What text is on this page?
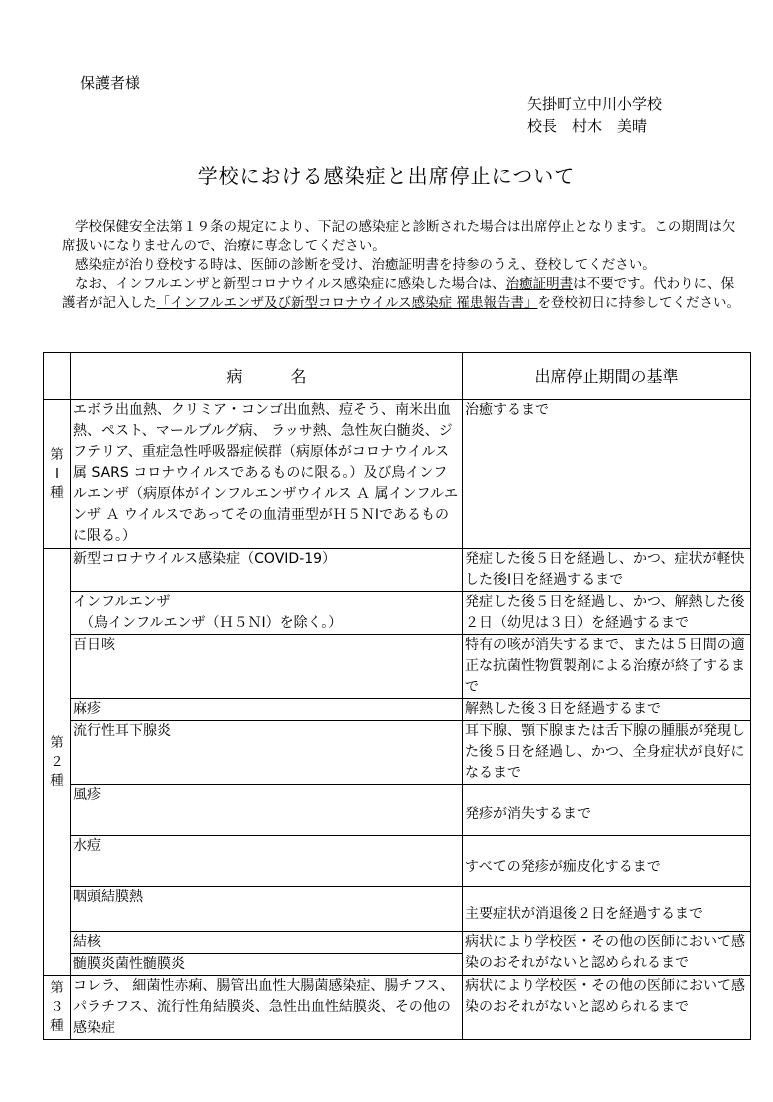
保護者様
矢掛町立中川小学校
校長　村木　美晴
学校における感染症と出席停止について

学校保健安全法第１９条の規定により、下記の感染症と診断された場合は出席停止となります。この期間は欠席扱いになりませんので、治療に専念してください。

感染症が治り登校する時は、医師の診断を受け、治癒証明書を持参のうえ、登校してください。

なお、インフルエンザと新型コロナウイルス感染症に感染した場合は、治癒証明書は不要です。代わりに、保護者が記入した「インフルエンザ及び新型コロナウイルス感染症 罹患報告書」を登校初日に持参してください。

	病　　　名	出席停止期間の基準

第
Ⅰ
種	エボラ出血熱、クリミア・コンゴ出血熱、痘そう、南米出血熱、ペスト、マールブルグ病、 ラッサ熱、急性灰白髄炎、ジフテリア、重症急性呼吸器症候群（病原体がコロナウイルス属 SARS コロナウイルスであるものに限る。）及び鳥インフルエンザ（病原体がインフルエンザウイルス Ａ 属インフルエンザ Ａ ウイルスであってその血清亜型がＨ５ＮⅠであるものに限る。）	治癒するまで

第
２
種	新型コロナウイルス感染症（COVID-19）	発症した後５日を経過し、かつ、症状が軽快した後Ⅰ日を経過するまで

	インフルエンザ
　（鳥インフルエンザ（Ｈ５ＮⅠ）を除く。）	発症した後５日を経過し、かつ、解熱した後２日（幼児は３日）を経過するまで
	百日咳	特有の咳が消失するまで、または５日間の適正な抗菌性物質製剤による治療が終了するまで
	麻疹	解熱した後３日を経過するまで
	流行性耳下腺炎	耳下腺、顎下腺または舌下腺の腫脹が発現した後５日を経過し、かつ、全身症状が良好になるまで
	風疹	発疹が消失するまで
	水痘	すべての発疹が痂皮化するまで
	咽頭結膜熱	主要症状が消退後２日を経過するまで
	結核	病状により学校医・その他の医師において感染のおそれがないと認められるまで
	髄膜炎菌性髄膜炎	

第
３
種	コレラ、 細菌性赤痢、腸管出血性大腸菌感染症、腸チフス、パラチフス、流行性角結膜炎、急性出血性結膜炎、その他の感染症	病状により学校医・その他の医師において感染のおそれがないと認められるまで
